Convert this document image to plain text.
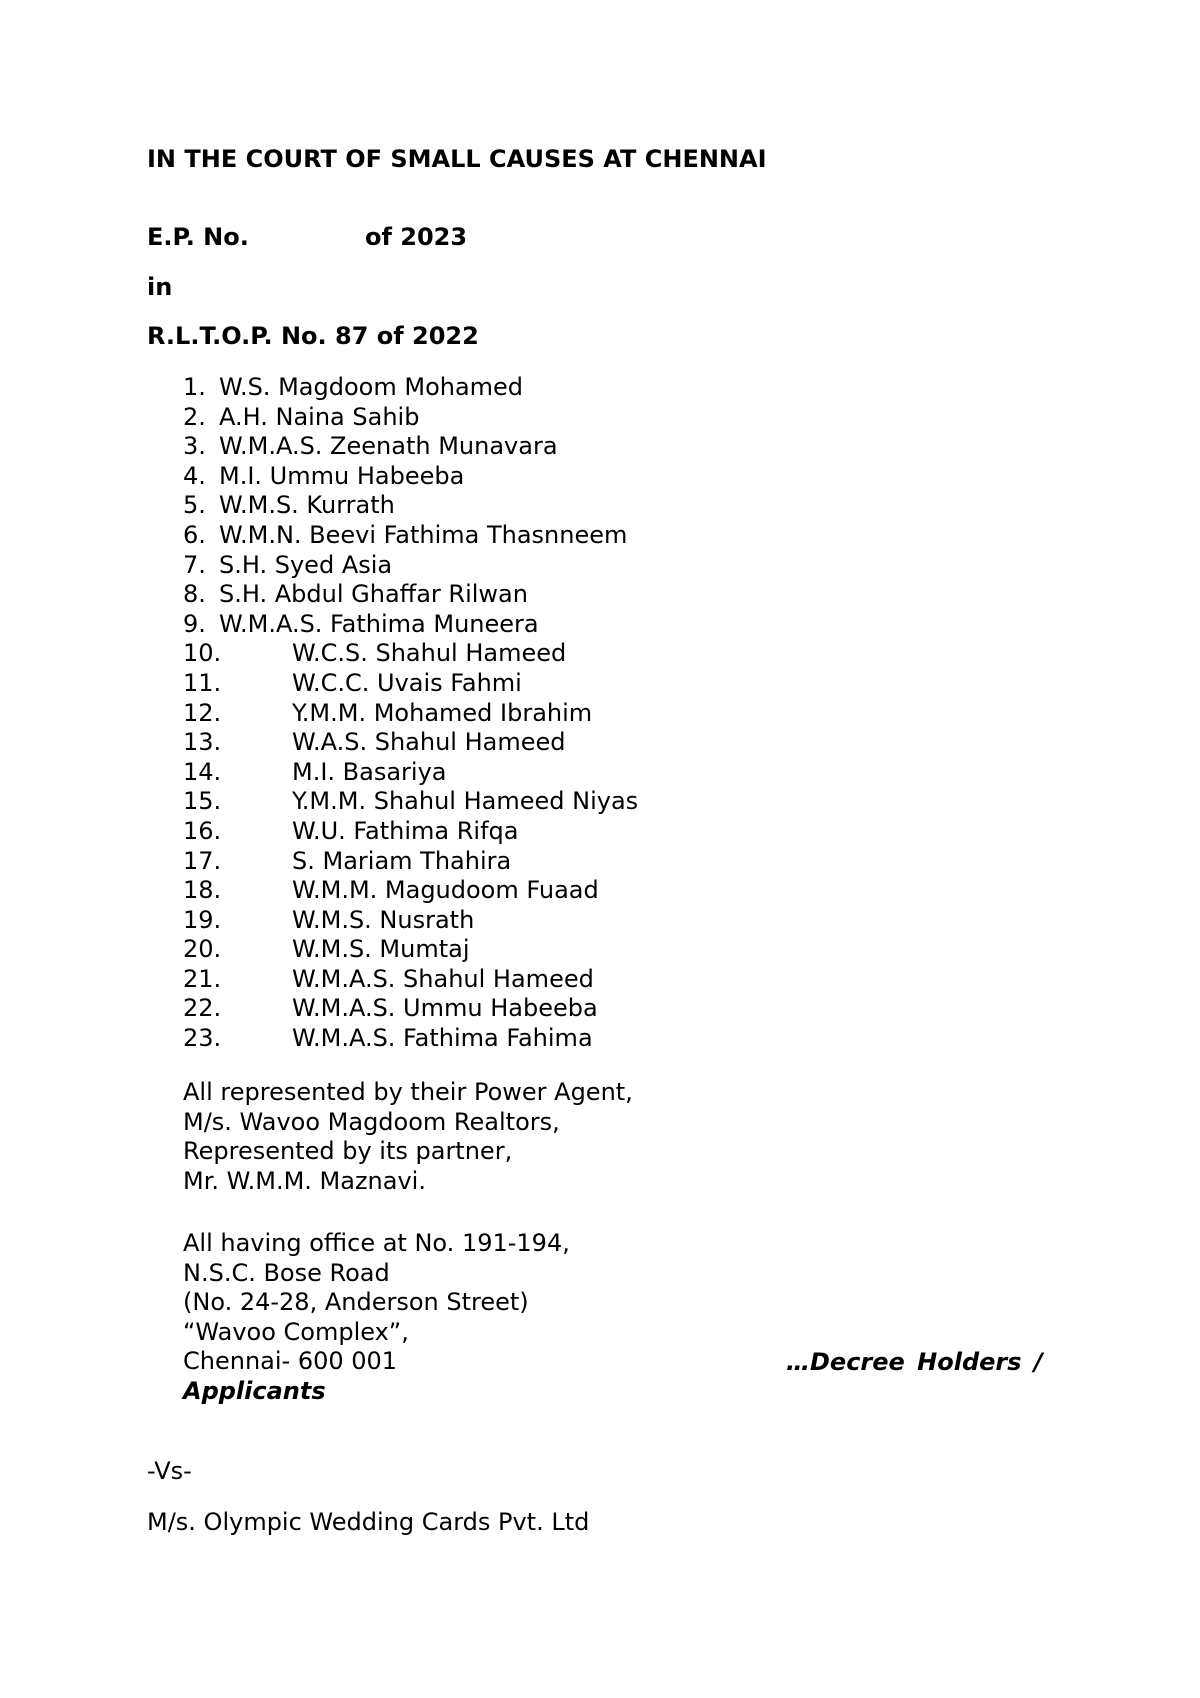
IN THE COURT OF SMALL CAUSES AT CHENNAI
E.P. No.	of 2023
in
R.L.T.O.P. No. 87 of 2022
1. W.S. Magdoom Mohamed
2. A.H. Naina Sahib
3. W.M.A.S. Zeenath Munavara
4. M.I. Ummu Habeeba
5. W.M.S. Kurrath
6. W.M.N. Beevi Fathima Thasnneem
7. S.H. Syed Asia
8. S.H. Abdul Ghaffar Rilwan
9. W.M.A.S. Fathima Muneera
10.	W.C.S. Shahul Hameed
11.	W.C.C. Uvais Fahmi
12.	Y.M.M. Mohamed Ibrahim
13.	W.A.S. Shahul Hameed
14.	M.I. Basariya
15.	Y.M.M. Shahul Hameed Niyas
16.	W.U. Fathima Rifqa
17.	S. Mariam Thahira
18.	W.M.M. Magudoom Fuaad
19.	W.M.S. Nusrath
20.	W.M.S. Mumtaj
21.	W.M.A.S. Shahul Hameed
22.	W.M.A.S. Ummu Habeeba
23.	W.M.A.S. Fathima Fahima
All represented by their Power Agent,
M/s. Wavoo Magdoom Realtors,
Represented by its partner,
Mr. W.M.M. Maznavi.
All having office at No. 191-194,
N.S.C. Bose Road
(No. 24-28, Anderson Street)
“Wavoo Complex”,
Chennai- 600 001	…Decree Holders /
Applicants
-Vs-
M/s. Olympic Wedding Cards Pvt. Ltd
